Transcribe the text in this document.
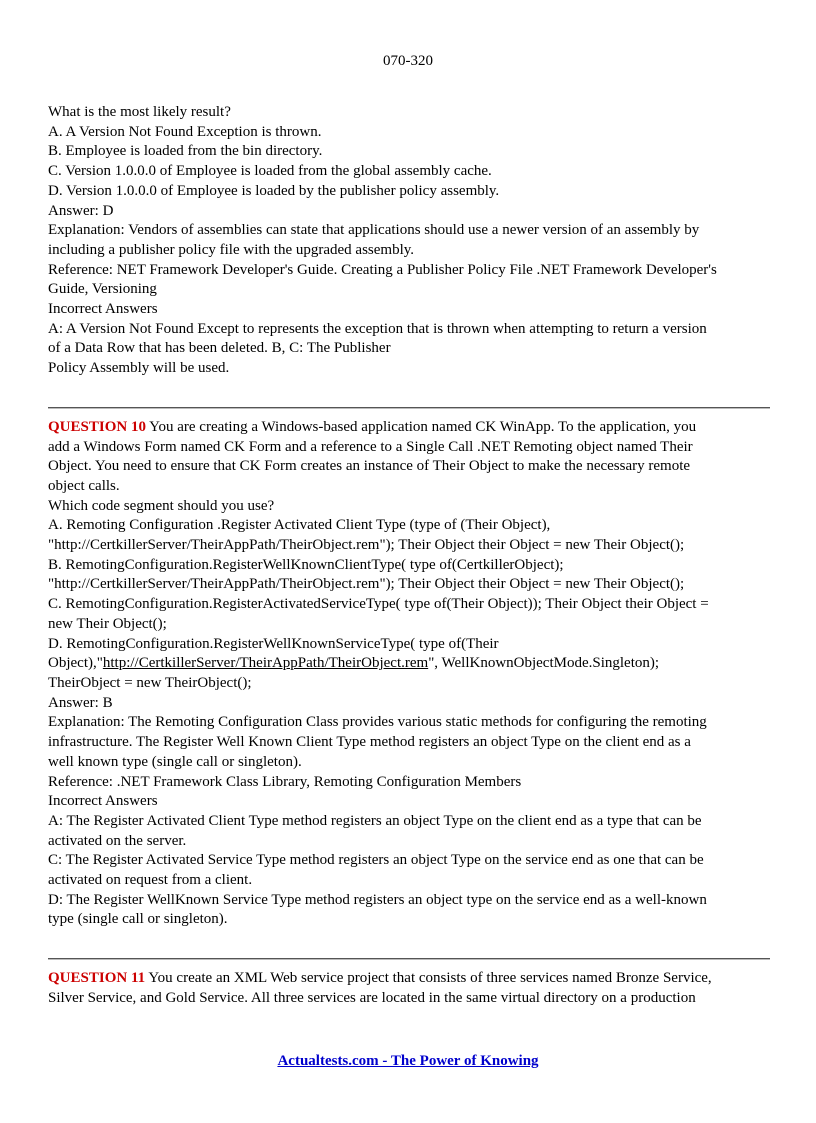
070-320
What is the most likely result?
A. A Version Not Found Exception is thrown.
B. Employee is loaded from the bin directory.
C. Version 1.0.0.0 of Employee is loaded from the global assembly cache.
D. Version 1.0.0.0 of Employee is loaded by the publisher policy assembly.
Answer: D
Explanation: Vendors of assemblies can state that applications should use a newer version of an assembly by
including a publisher policy file with the upgraded assembly.
Reference: NET Framework Developer's Guide. Creating a Publisher Policy File .NET Framework Developer's
Guide, Versioning
Incorrect Answers
A: A Version Not Found Except to represents the exception that is thrown when attempting to return a version
of a Data Row that has been deleted. B, C: The Publisher
Policy Assembly will be used.
QUESTION 10 You are creating a Windows-based application named CK WinApp. To the application, you
add a Windows Form named CK Form and a reference to a Single Call .NET Remoting object named Their
Object. You need to ensure that CK Form creates an instance of Their Object to make the necessary remote
object calls.
Which code segment should you use?
A. Remoting Configuration .Register Activated Client Type (type of (Their Object),
"http://CertkillerServer/TheirAppPath/TheirObject.rem"); Their Object their Object = new Their Object();
B. RemotingConfiguration.RegisterWellKnownClientType( type of(CertkillerObject);
"http://CertkillerServer/TheirAppPath/TheirObject.rem"); Their Object their Object = new Their Object();
C. RemotingConfiguration.RegisterActivatedServiceType( type of(Their Object)); Their Object their Object =
new Their Object();
D. RemotingConfiguration.RegisterWellKnownServiceType( type of(Their
Object),"http://CertkillerServer/TheirAppPath/TheirObject.rem", WellKnownObjectMode.Singleton);
TheirObject = new TheirObject();
Answer: B
Explanation: The Remoting Configuration Class provides various static methods for configuring the remoting
infrastructure. The Register Well Known Client Type method registers an object Type on the client end as a
well known type (single call or singleton).
Reference: .NET Framework Class Library, Remoting Configuration Members
Incorrect Answers
A: The Register Activated Client Type method registers an object Type on the client end as a type that can be
activated on the server.
C: The Register Activated Service Type method registers an object Type on the service end as one that can be
activated on request from a client.
D: The Register WellKnown Service Type method registers an object type on the service end as a well-known
type (single call or singleton).
QUESTION 11 You create an XML Web service project that consists of three services named Bronze Service,
Silver Service, and Gold Service. All three services are located in the same virtual directory on a production
Actualtests.com - The Power of Knowing
